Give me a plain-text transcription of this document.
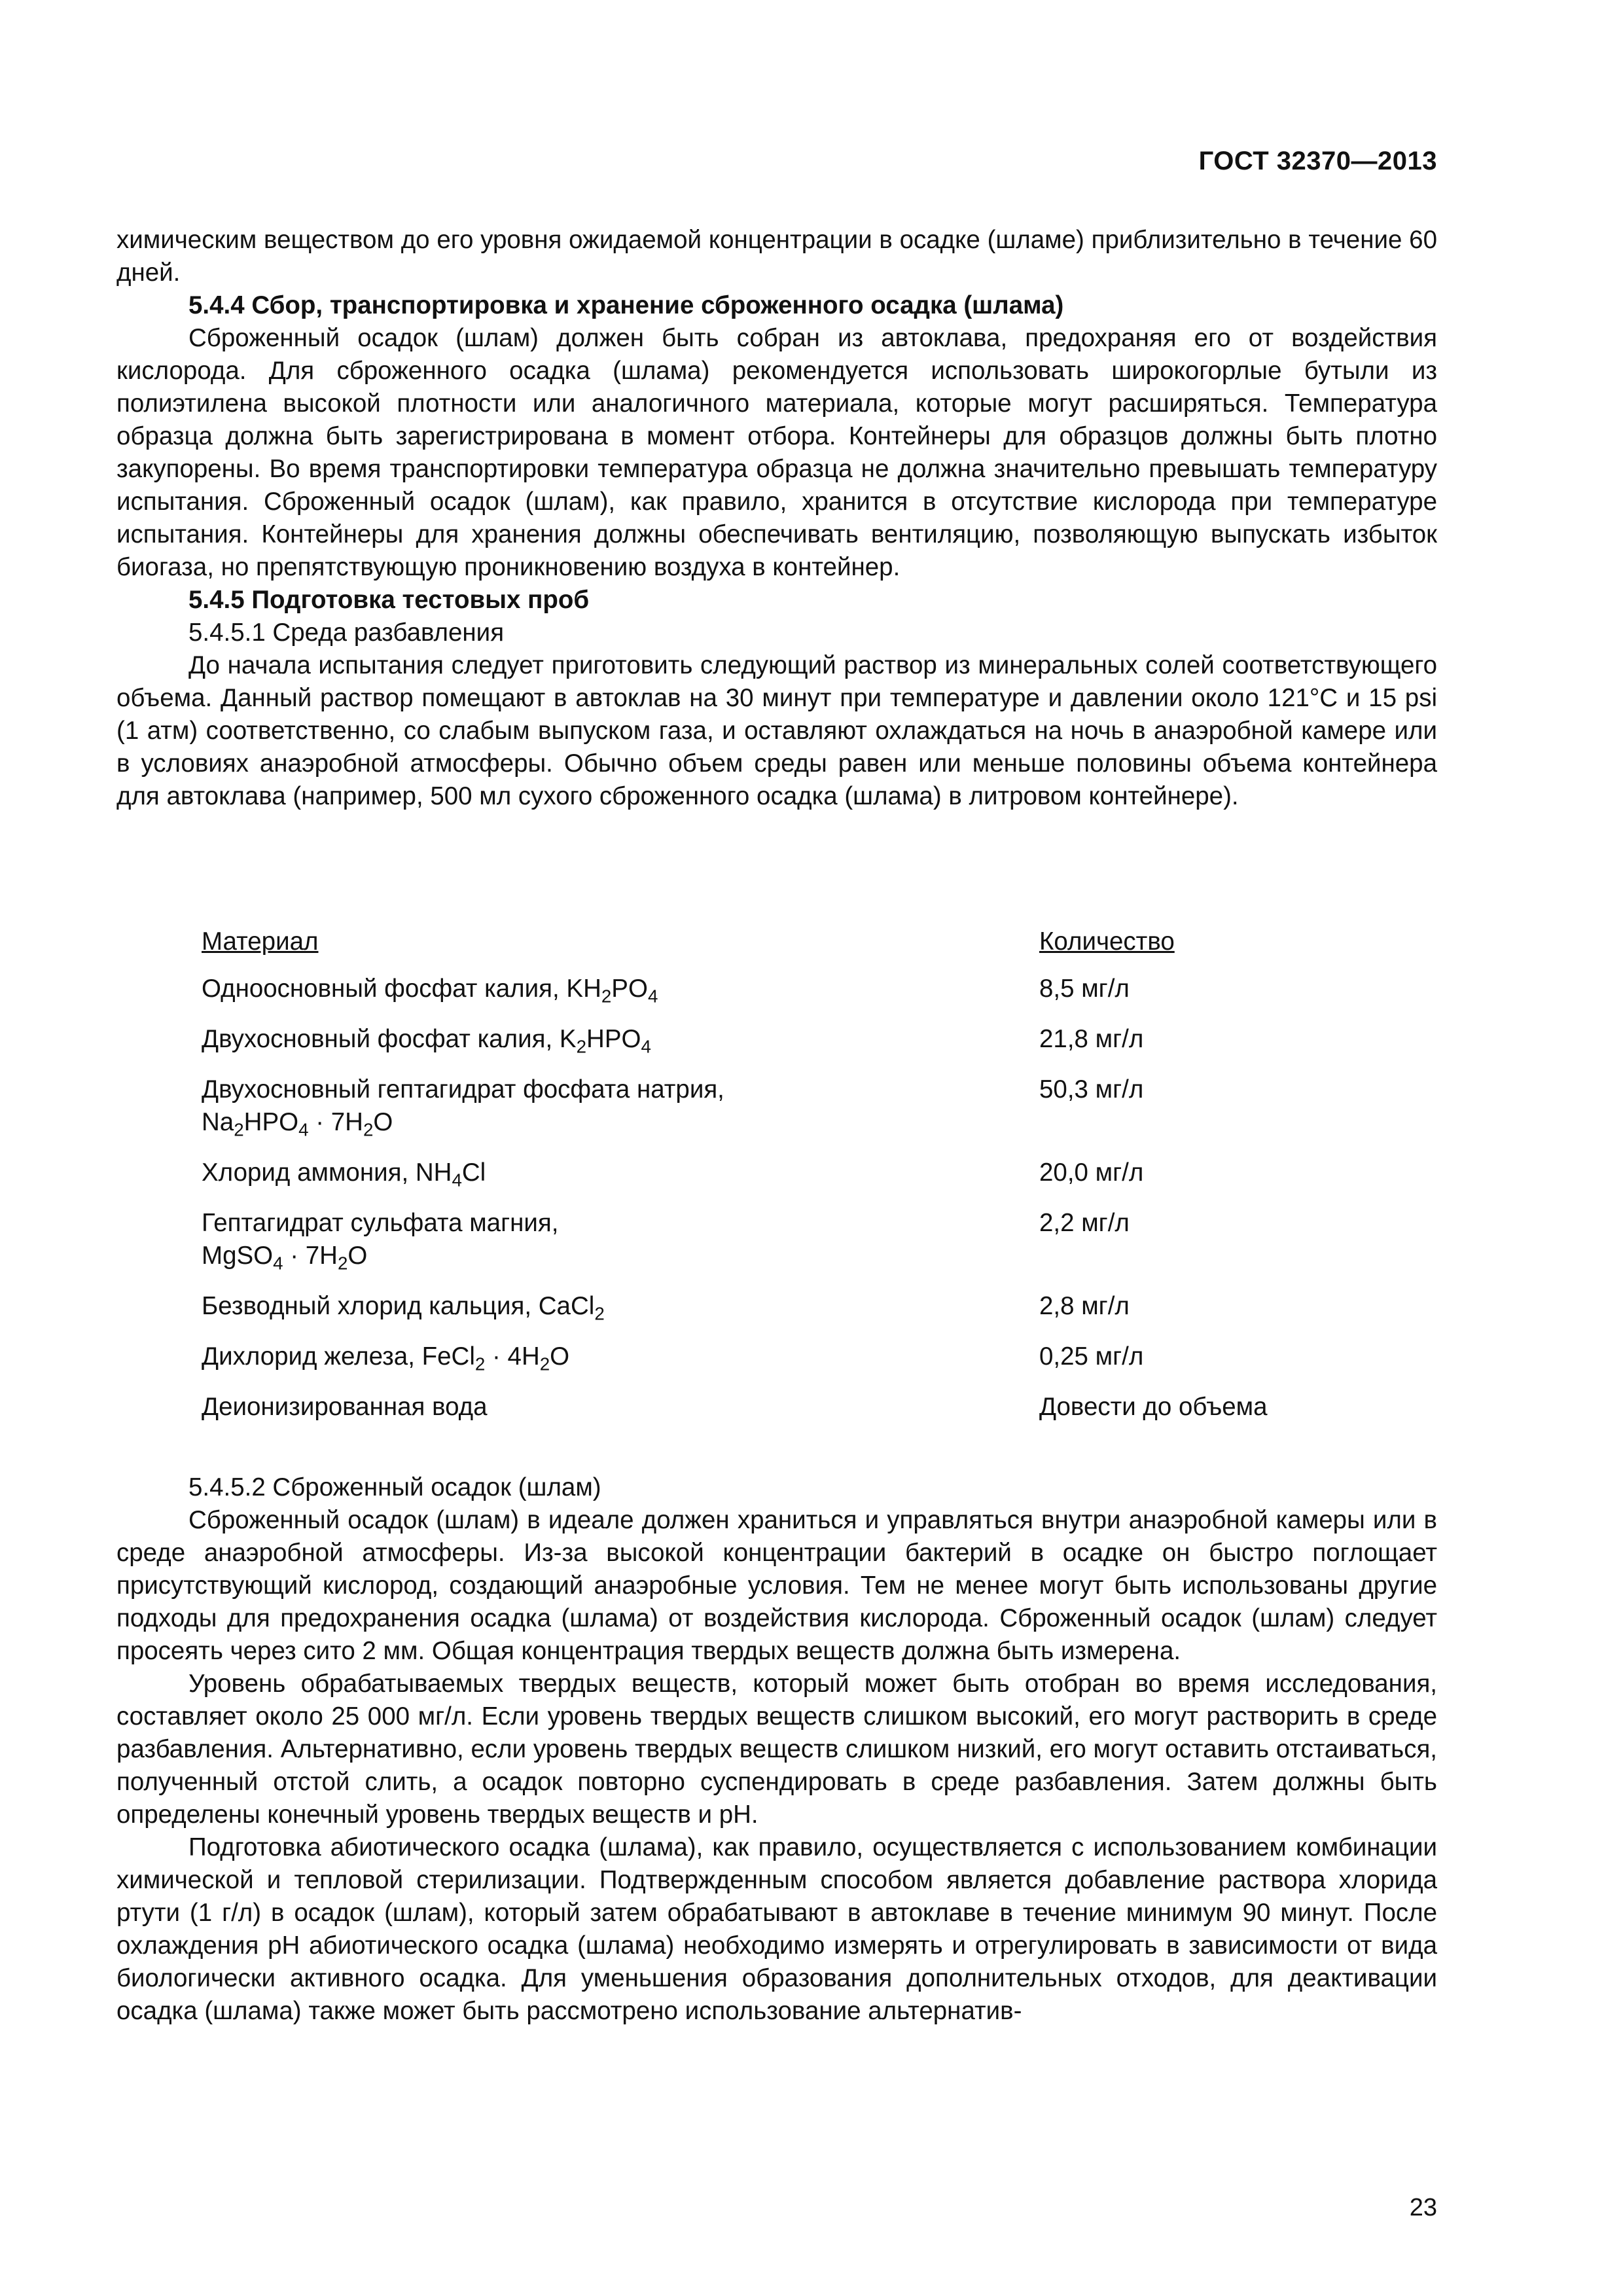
ГОСТ 32370—2013

химическим веществом до его уровня ожидаемой концентрации в осадке (шламе) приблизительно в течение 60 дней.

5.4.4 Сбор, транспортировка и хранение сброженного осадка (шлама)

Сброженный осадок (шлам) должен быть собран из автоклава, предохраняя его от воздействия кислорода. Для сброженного осадка (шлама) рекомендуется использовать широкогорлые бутыли из полиэтилена высокой плотности или аналогичного материала, которые могут расширяться. Температура образца должна быть зарегистрирована в момент отбора. Контейнеры для образцов должны быть плотно закупорены. Во время транспортировки температура образца не должна значительно превышать температуру испытания. Сброженный осадок (шлам), как правило, хранится в отсутствие кислорода при температуре испытания. Контейнеры для хранения должны обеспечивать вентиляцию, позволяющую выпускать избыток биогаза, но препятствующую проникновению воздуха в контейнер.

5.4.5 Подготовка тестовых проб

5.4.5.1 Среда разбавления

До начала испытания следует приготовить следующий раствор из минеральных солей соответствующего объема. Данный раствор помещают в автоклав на 30 минут при температуре и давлении около 121°С и 15 psi (1 атм) соответственно, со слабым выпуском газа, и оставляют охлаждаться на ночь в анаэробной камере или в условиях анаэробной атмосферы. Обычно объем среды равен или меньше половины объема контейнера для автоклава (например, 500 мл сухого сброженного осадка (шлама) в литровом контейнере).

Материал	Количество
Одноосновный фосфат калия, $KH_2PO_4$	8,5 мг/л
Двухосновный фосфат калия, $K_2HPO_4$	21,8 мг/л
Двухосновный гептагидрат фосфата натрия,
$Na_2HPO_4 \cdot 7H_2O$	50,3 мг/л
Хлорид аммония, $NH_4Cl$	20,0 мг/л
Гептагидрат сульфата магния,
MgSO$_4$ · $7H_2O$	2,2 мг/л
Безводный хлорид кальция, CaCl$_2$	2,8 мг/л
Дихлорид железа, FeCl$_2$ · $4H_2O$	0,25 мг/л
Деионизированная вода	Довести до объема

5.4.5.2 Сброженный осадок (шлам)

Сброженный осадок (шлам) в идеале должен храниться и управляться внутри анаэробной камеры или в среде анаэробной атмосферы. Из-за высокой концентрации бактерий в осадке он быстро поглощает присутствующий кислород, создающий анаэробные условия. Тем не менее могут быть использованы другие подходы для предохранения осадка (шлама) от воздействия кислорода. Сброженный осадок (шлам) следует просеять через сито 2 мм. Общая концентрация твердых веществ должна быть измерена.

Уровень обрабатываемых твердых веществ, который может быть отобран во время исследования, составляет около 25 000 мг/л. Если уровень твердых веществ слишком высокий, его могут растворить в среде разбавления. Альтернативно, если уровень твердых веществ слишком низкий, его могут оставить отстаиваться, полученный отстой слить, а осадок повторно суспендировать в среде разбавления. Затем должны быть определены конечный уровень твердых веществ и рН.

Подготовка абиотического осадка (шлама), как правило, осуществляется с использованием комбинации химической и тепловой стерилизации. Подтвержденным способом является добавление раствора хлорида ртути (1 г/л) в осадок (шлам), который затем обрабатывают в автоклаве в течение минимум 90 минут. После охлаждения рН абиотического осадка (шлама) необходимо измерять и отрегулировать в зависимости от вида биологически активного осадка. Для уменьшения образования дополнительных отходов, для деактивации осадка (шлама) также может быть рассмотрено использование альтернатив-

23
